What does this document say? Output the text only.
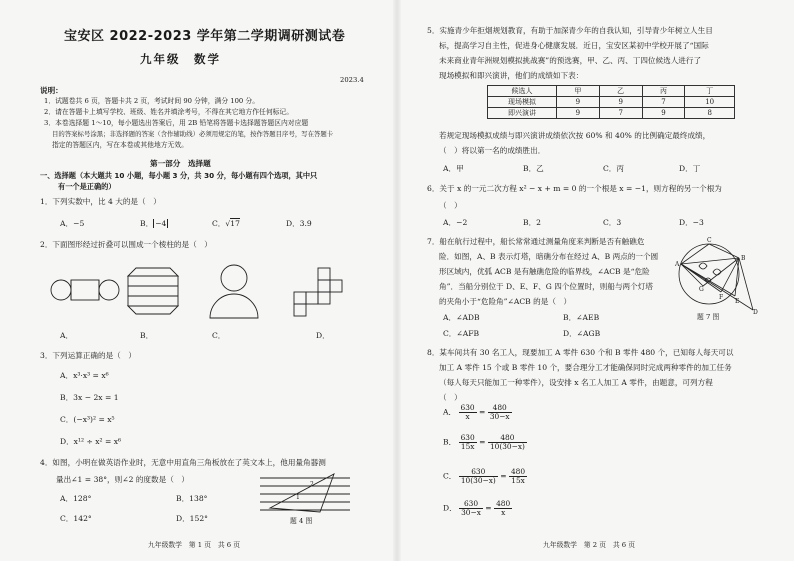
宝安区 2022-2023 学年第二学期调研测试卷
九年级　数学
2023.4
说明：
1．试题卷共 6 页，答题卡共 2 页，考试时间 90 分钟，满分 100 分。
2．请在答题卡上填写学校、班级、姓名并填涂考号，不得在其它地方作任何标记。
3．本卷选择题 1～10，每小题选出答案后，用 2B 铅笔将答题卡选择题答题区内对应题
目的答案标号涂黑；非选择题的答案（含作辅助线）必须用规定的笔，按作答题目序号，写在答题卡
指定的答题区内，写在本卷或其他地方无效。
第一部分　选择题
一、选择题（本大题共 10 小题，每小题 3 分，共 30 分，每小题有四个选项，其中只
有一个是正确的）
1．下列实数中，比 4 大的是（　）
A．−5	B． −4	C．√17	D．3.9
2．下面图形经过折叠可以围成一个棱柱的是（　）
A．	B．	C．	D．
3．下列运算正确的是（　）
A．x³·x³ = x⁶
B．3x − 2x = 1
C．(−x³)² = x⁵
D．x¹² ÷ x² = x⁶
4．如图，小明在做英语作业时，无意中用直角三角板放在了英文本上，他用量角器测
量出∠1 = 38°，则∠2 的度数是（　）
A．128°	B．138°
C．142°	D．152°
1
2
题 4 图
九年级数学　第 1 页　共 6 页
5．实施青少年拒烟规划教育，有助于加深青少年的自我认知，引导青少年树立人生目
标，提高学习自主性，促进身心健康发展．近日，宝安区某初中学校开展了“国际
未来商业青年洲规划模拟挑战赛”的预选赛，甲、乙、丙、丁四位候选人进行了
现场模拟和即兴演讲，他们的成绩如下表：
候选人	甲	乙	丙	丁
现场模拟	9	9	7	10
即兴演讲	9	7	9	8
若规定现场模拟成绩与即兴演讲成绩依次按 60% 和 40% 的比例确定最终成绩，
（　）将以第一名的成绩胜出．
A．甲	B．乙	C．丙	D．丁
6．关于 x 的一元二次方程 x² − x + m = 0 的一个根是 x = −1，则方程的另一个根为
（　）
A．−2	B．2	C．3	D．−3
7．船在航行过程中，船长常常通过测量角度来判断是否有触礁危
险．如图，A、B 表示灯塔，暗礁分布在经过 A、B 两点的一个圆
形区域内，优弧 ACB 是有触礁危险的临界线，∠ACB 是“危险
角”．当船分别位于 D、E、F、G 四个位置时，则船与两个灯塔
的夹角小于“危险角”∠ACB 的是（　）
A．∠ADB	B．∠AEB
C．∠AFB	D．∠AGB
A
B
C
D
E
F
G
题 7 图
8．某车间共有 30 名工人，现要加工 A 零件 630 个和 B 零件 480 个，已知每人每天可以
加工 A 零件 15 个或 B 零件 10 个，要合理分工才能确保同时完成两种零件的加工任务
（每人每天只能加工一种零件），设安排 x 名工人加工 A 零件，由题意，可列方程
（　）
A． $\frac{630}{x} = \frac{480}{30-x}$
B． $\frac{630}{15x} = \frac{480}{10(30-x)}$
C． $\frac{630}{10(30-x)} = \frac{480}{15x}$
D． $\frac{630}{30-x} = \frac{480}{x}$
九年级数学　第 2 页　共 6 页
